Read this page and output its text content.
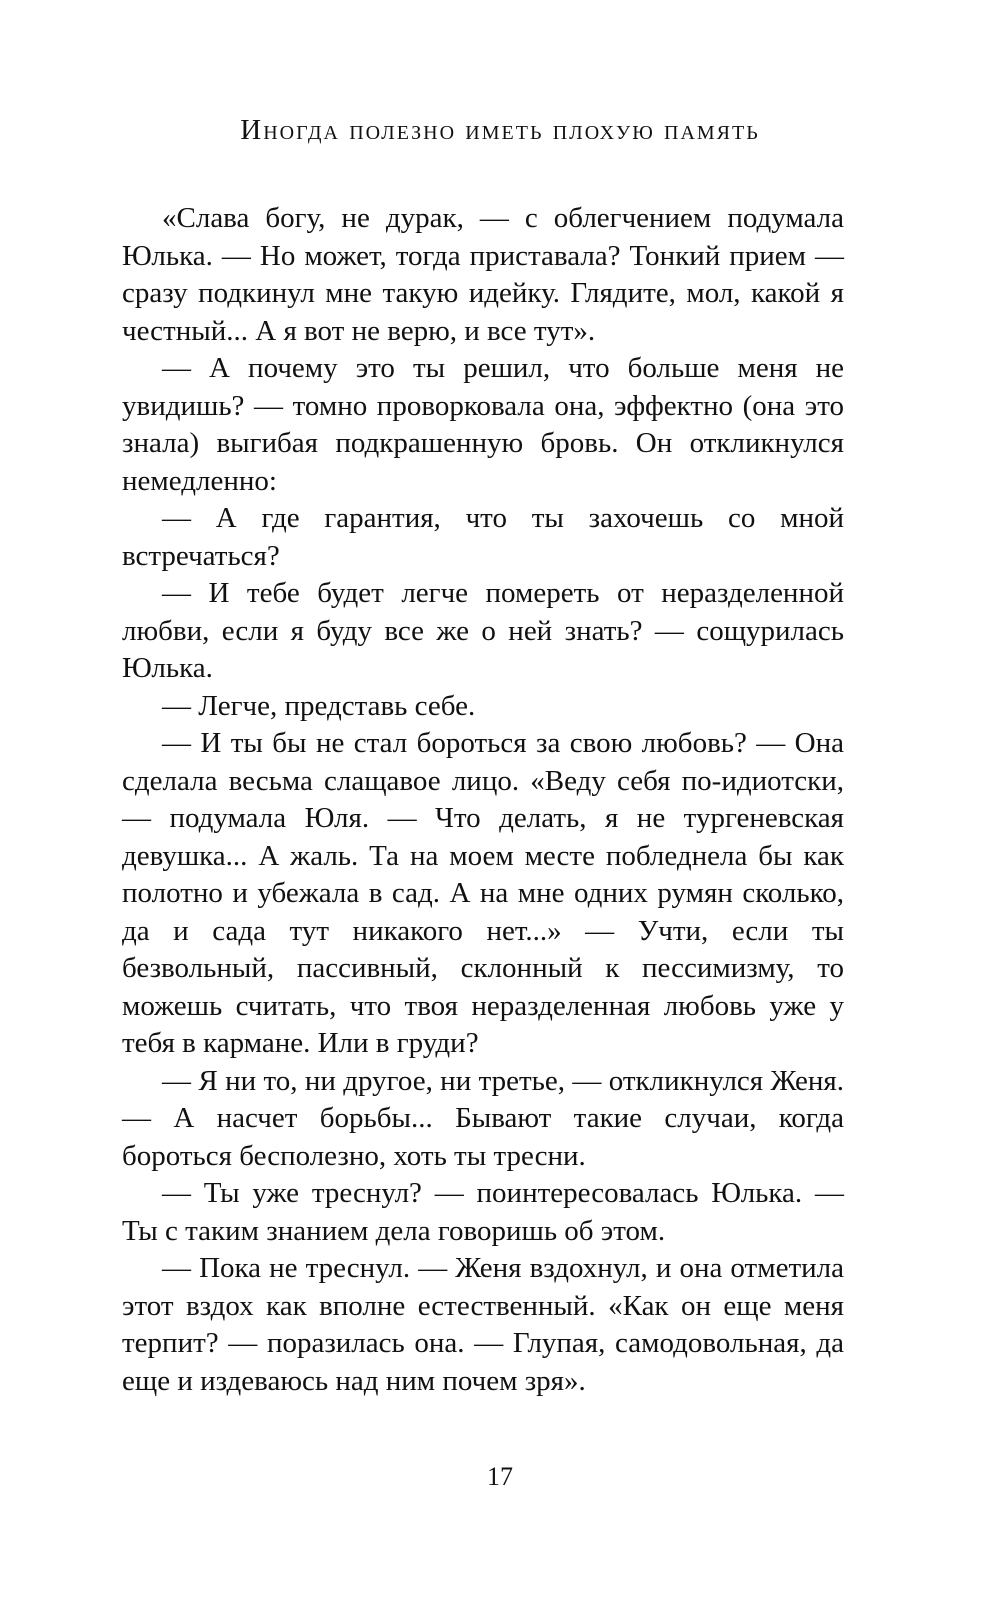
Иногда полезно иметь плохую память

«Слава богу, не дурак, — с облегчением подумала Юлька. — Но может, тогда приставала? Тонкий прием — сразу подкинул мне такую идейку. Глядите, мол, какой я честный... А я вот не верю, и все тут».

— А почему это ты решил, что больше меня не увидишь? — томно проворковала она, эффектно (она это знала) выгибая подкрашенную бровь. Он откликнулся немедленно:

— А где гарантия, что ты захочешь со мной встречаться?

— И тебе будет легче помереть от неразделенной любви, если я буду все же о ней знать? — сощурилась Юлька.

— Легче, представь себе.

— И ты бы не стал бороться за свою любовь? — Она сделала весьма слащавое лицо. «Веду себя по-идиотски, — подумала Юля. — Что делать, я не тургеневская девушка... А жаль. Та на моем месте побледнела бы как полотно и убежала в сад. А на мне одних румян сколько, да и сада тут никакого нет...» — Учти, если ты безвольный, пассивный, склонный к пессимизму, то можешь считать, что твоя неразделенная любовь уже у тебя в кармане. Или в груди?

— Я ни то, ни другое, ни третье, — откликнулся Женя. — А насчет борьбы... Бывают такие случаи, когда бороться бесполезно, хоть ты тресни.

— Ты уже треснул? — поинтересовалась Юлька. — Ты с таким знанием дела говоришь об этом.

— Пока не треснул. — Женя вздохнул, и она отметила этот вздох как вполне естественный. «Как он еще меня терпит? — поразилась она. — Глупая, самодовольная, да еще и издеваюсь над ним почем зря».

17
